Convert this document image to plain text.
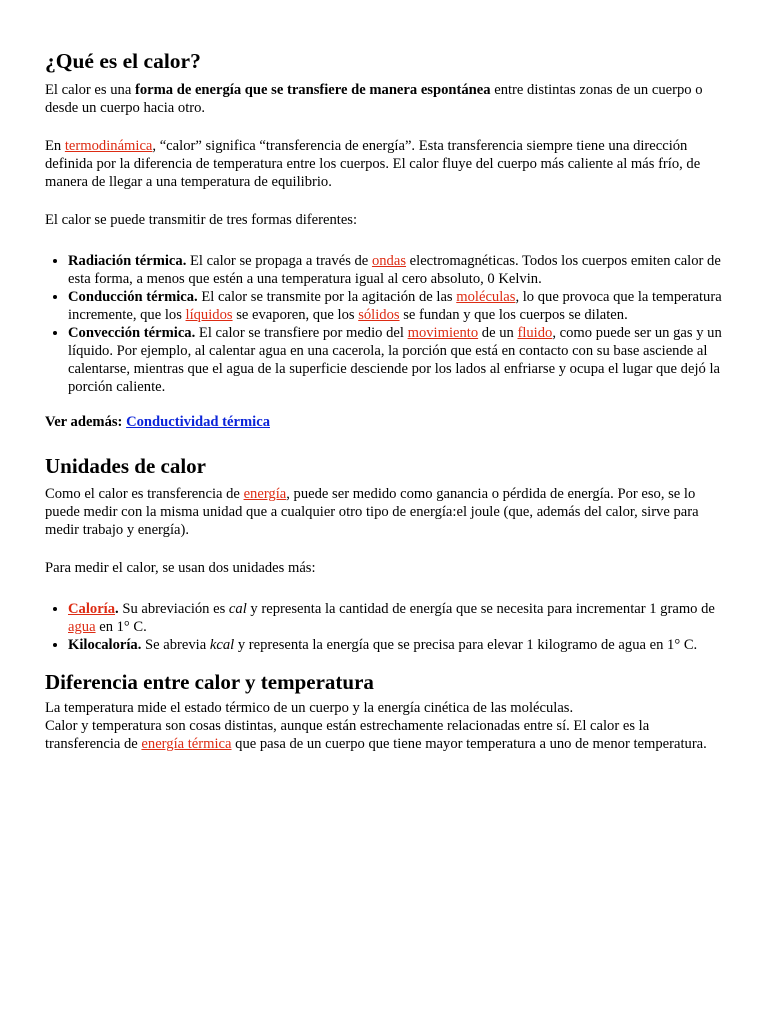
¿Qué es el calor?

El calor es una forma de energía que se transfiere de manera espontánea entre distintas zonas de un cuerpo o desde un cuerpo hacia otro.

En termodinámica, “calor” significa “transferencia de energía”. Esta transferencia siempre tiene una dirección definida por la diferencia de temperatura entre los cuerpos. El calor fluye del cuerpo más caliente al más frío, de manera de llegar a una temperatura de equilibrio.

El calor se puede transmitir de tres formas diferentes:

• Radiación térmica. El calor se propaga a través de ondas electromagnéticas. Todos los cuerpos emiten calor de esta forma, a menos que estén a una temperatura igual al cero absoluto, 0 Kelvin.
• Conducción térmica. El calor se transmite por la agitación de las moléculas, lo que provoca que la temperatura incremente, que los líquidos se evaporen, que los sólidos se fundan y que los cuerpos se dilaten.
• Convección térmica. El calor se transfiere por medio del movimiento de un fluido, como puede ser un gas y un líquido. Por ejemplo, al calentar agua en una cacerola, la porción que está en contacto con su base asciende al calentarse, mientras que el agua de la superficie desciende por los lados al enfriarse y ocupa el lugar que dejó la porción caliente.

Ver además: Conductividad térmica

Unidades de calor

Como el calor es transferencia de energía, puede ser medido como ganancia o pérdida de energía. Por eso, se lo puede medir con la misma unidad que a cualquier otro tipo de energía:el joule (que, además del calor, sirve para medir trabajo y energía).

Para medir el calor, se usan dos unidades más:

• Caloría. Su abreviación es cal y representa la cantidad de energía que se necesita para incrementar 1 gramo de agua en 1° C.
• Kilocaloría. Se abrevia kcal y representa la energía que se precisa para elevar 1 kilogramo de agua en 1° C.
Diferencia entre calor y temperatura

La temperatura mide el estado térmico de un cuerpo y la energía cinética de las moléculas.

Calor y temperatura son cosas distintas, aunque están estrechamente relacionadas entre sí. El calor es la transferencia de energía térmica que pasa de un cuerpo que tiene mayor temperatura a uno de menor temperatura.
